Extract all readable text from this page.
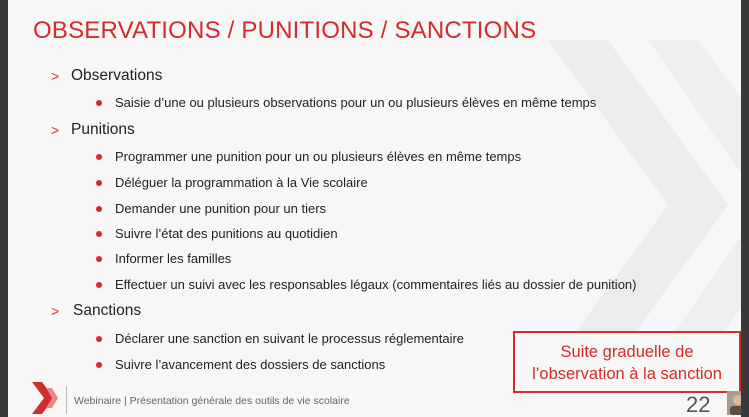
OBSERVATIONS / PUNITIONS / SANCTIONS
> Observations
Saisie d’une ou plusieurs observations pour un ou plusieurs élèves en même temps
> Punitions
Programmer une punition pour un ou plusieurs élèves en même temps
Déléguer la programmation à la Vie scolaire
Demander une punition pour un tiers
Suivre l’état des punitions au quotidien
Informer les familles
Effectuer un suivi avec les responsables légaux (commentaires liés au dossier de punition)
> Sanctions
Déclarer une sanction en suivant le processus réglementaire
Suivre l’avancement des dossiers de sanctions
Suite graduelle de
l’observation à la sanction
Webinaire | Présentation générale des outils de vie scolaire	22
